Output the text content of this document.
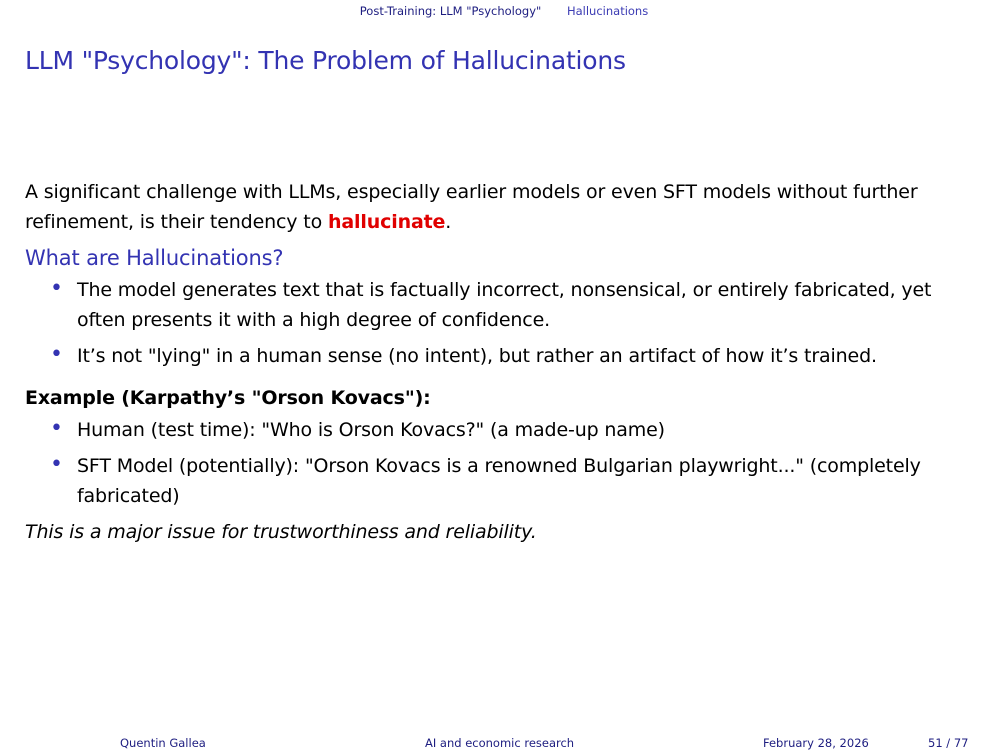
Post-Training: LLM "Psychology" Hallucinations
LLM "Psychology": The Problem of Hallucinations

A significant challenge with LLMs, especially earlier models or even SFT models without further refinement, is their tendency to hallucinate.

What are Hallucinations?
• The model generates text that is factually incorrect, nonsensical, or entirely fabricated, yet often presents it with a high degree of confidence.
• It’s not "lying" in a human sense (no intent), but rather an artifact of how it’s trained.
Example (Karpathy’s "Orson Kovacs"):
• Human (test time): "Who is Orson Kovacs?" (a made-up name)
• SFT Model (potentially): "Orson Kovacs is a renowned Bulgarian playwright..." (completely fabricated)

This is a major issue for trustworthiness and reliability.

Quentin Gallea	AI and economic research	February 28, 2026	51 / 77
